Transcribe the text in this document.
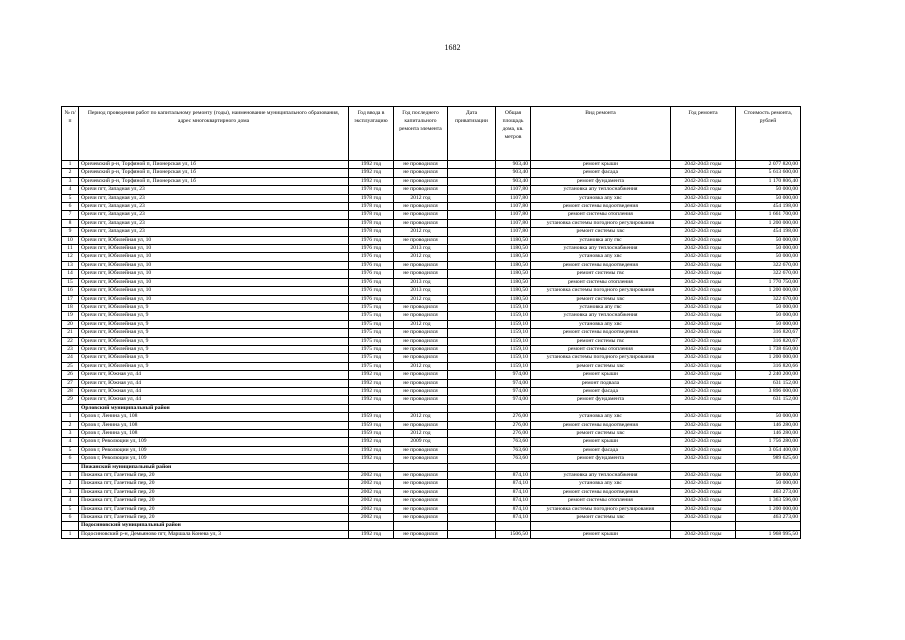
1682
№ п/п	Период проведения работ по капитальному ремонту (годы), наименование муниципального образования, адрес многоквартирного дома	Год ввода в эксплуатацию	Год последнего капитального ремонта элемента	Дата приватизации	Общая площадь дома, кв. метров	Вид ремонта	Год ремонта	Стоимость ремонта, рублей
1	Оричевский р-н, Торфяной п, Пионерская ул, 1б	1992 год	не проводился		903,40	ремонт крыши	2042-2043 годы	2 077 820,00
2	Оричевский р-н, Торфяной п, Пионерская ул, 1б	1992 год	не проводился		903,40	ремонт фасада	2042-2043 годы	5 613 600,00
3	Оричевский р-н, Торфяной п, Пионерская ул, 1б	1992 год	не проводился		903,40	ремонт фундамента	2042-2043 годы	1 170 806,40
4	Оричи пгт, Западная ул, 23	1978 год	не проводился		1107,80	установка апу теплоснабжения	2042-2043 годы	50 000,00
5	Оричи пгт, Западная ул, 23	1978 год	2012 год		1107,80	установка апу хвс	2042-2043 годы	50 000,00
6	Оричи пгт, Западная ул, 23	1978 год	не проводился		1107,80	ремонт системы водоотведения	2042-2043 годы	454 198,00
7	Оричи пгт, Западная ул, 23	1978 год	не проводился		1107,80	ремонт системы отопления	2042-2043 годы	1 661 700,00
8	Оричи пгт, Западная ул, 23	1978 год	не проводился		1107,80	установка системы погодного регулирования	2042-2043 годы	1 200 000,00
9	Оричи пгт, Западная ул, 23	1978 год	2012 год		1107,80	ремонт системы хвс	2042-2043 годы	454 198,00
10	Оричи пгт, Юбилейная ул, 10	1976 год	не проводился		1180,50	установка апу гвс	2042-2043 годы	50 000,00
11	Оричи пгт, Юбилейная ул, 10	1976 год	2013 год		1180,50	установка апу теплоснабжения	2042-2043 годы	50 000,00
12	Оричи пгт, Юбилейная ул, 10	1976 год	2012 год		1180,50	установка апу хвс	2042-2043 годы	50 000,00
13	Оричи пгт, Юбилейная ул, 10	1976 год	не проводился		1180,50	ремонт системы водоотведения	2042-2043 годы	322 670,00
14	Оричи пгт, Юбилейная ул, 10	1976 год	не проводился		1180,50	ремонт системы гвс	2042-2043 годы	322 670,00
15	Оричи пгт, Юбилейная ул, 10	1976 год	2013 год		1180,50	ремонт системы отопления	2042-2043 годы	1 770 750,00
16	Оричи пгт, Юбилейная ул, 10	1976 год	2013 год		1180,50	установка системы погодного регулирования	2042-2043 годы	1 200 000,00
17	Оричи пгт, Юбилейная ул, 10	1976 год	2012 год		1180,50	ремонт системы хвс	2042-2043 годы	322 670,00
18	Оричи пгт, Юбилейная ул, 9	1975 год	не проводился		1159,10	установка апу гвс	2042-2043 годы	50 000,00
19	Оричи пгт, Юбилейная ул, 9	1975 год	не проводился		1159,10	установка апу теплоснабжения	2042-2043 годы	50 000,00
20	Оричи пгт, Юбилейная ул, 9	1975 год	2012 год		1159,10	установка апу хвс	2042-2043 годы	50 000,00
21	Оричи пгт, Юбилейная ул, 9	1975 год	не проводился		1159,10	ремонт системы водоотведения	2042-2043 годы	316 820,67
22	Оричи пгт, Юбилейная ул, 9	1975 год	не проводился		1159,10	ремонт системы гвс	2042-2043 годы	316 820,67
23	Оричи пгт, Юбилейная ул, 9	1975 год	не проводился		1159,10	ремонт системы отопления	2042-2043 годы	1 738 650,00
24	Оричи пгт, Юбилейная ул, 9	1975 год	не проводился		1159,10	установка системы погодного регулирования	2042-2043 годы	1 200 000,00
25	Оричи пгт, Юбилейная ул, 9	1975 год	2012 год		1159,10	ремонт системы хвс	2042-2043 годы	316 820,66
26	Оричи пгт, Южная ул, 44	1992 год	не проводился		974,00	ремонт крыши	2042-2043 годы	2 240 200,00
27	Оричи пгт, Южная ул, 44	1992 год	не проводился		974,00	ремонт подвала	2042-2043 годы	631 152,00
28	Оричи пгт, Южная ул, 44	1992 год	не проводился		974,00	ремонт фасада	2042-2043 годы	3 896 000,00
29	Оричи пгт, Южная ул, 44	1992 год	не проводился		974,00	ремонт фундамента	2042-2043 годы	631 152,00
	Орловский муниципальный район							
1	Орлов г, Ленина ул, 108	1959 год	2012 год		276,00	установка апу хвс	2042-2043 годы	50 000,00
2	Орлов г, Ленина ул, 108	1959 год	не проводился		276,00	ремонт системы водоотведения	2042-2043 годы	146 280,00
3	Орлов г, Ленина ул, 108	1959 год	2012 год		276,00	ремонт системы хвс	2042-2043 годы	146 280,00
4	Орлов г, Революции ул, 109	1992 год	2009 год		763,60	ремонт крыши	2042-2043 годы	1 756 280,00
5	Орлов г, Революции ул, 109	1992 год	не проводился		763,60	ремонт фасада	2042-2043 годы	3 054 400,00
6	Орлов г, Революции ул, 109	1992 год	не проводился		763,60	ремонт фундамента	2042-2043 годы	989 625,60
	Пижанский муниципальный район							
1	Пижанка пгт, Газетный пер, 20	2002 год	не проводился		874,10	установка апу теплоснабжения	2042-2043 годы	50 000,00
2	Пижанка пгт, Газетный пер, 20	2002 год	не проводился		874,10	установка апу хвс	2042-2043 годы	50 000,00
3	Пижанка пгт, Газетный пер, 20	2002 год	не проводился		874,10	ремонт системы водоотведения	2042-2043 годы	463 273,00
4	Пижанка пгт, Газетный пер, 20	2002 год	не проводился		874,10	ремонт системы отопления	2042-2043 годы	1 363 596,00
5	Пижанка пгт, Газетный пер, 20	2002 год	не проводился		874,10	установка системы погодного регулирования	2042-2043 годы	1 200 000,00
6	Пижанка пгт, Газетный пер, 20	2002 год	не проводился		874,10	ремонт системы хвс	2042-2043 годы	463 273,00
	Подосиновский муниципальный район							
1	Подосиновский р-н, Демьяново пгт, Маршала Конева ул, 3	1992 год	не проводился		1506,50	ремонт крыши	2042-2043 годы	1 968 995,50
